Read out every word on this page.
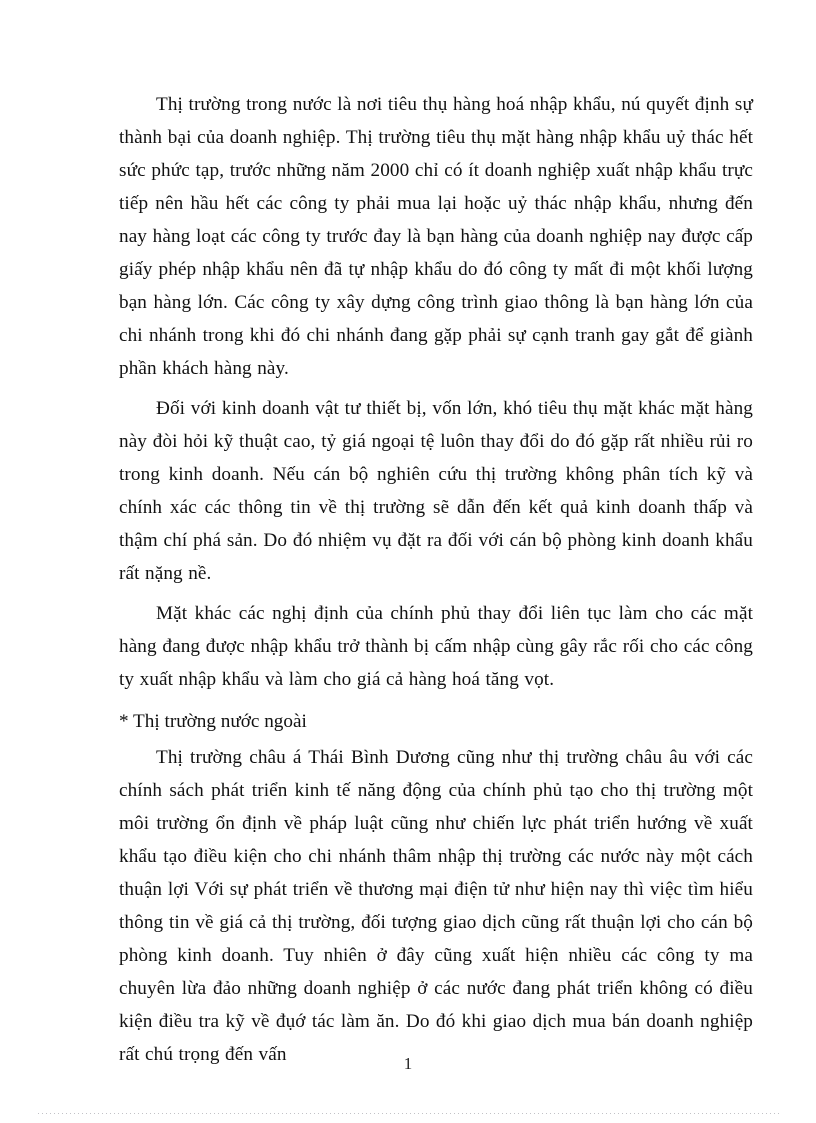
Thị trường trong nước là nơi tiêu thụ hàng hoá nhập khẩu, nú quyết định sự thành bại của doanh nghiệp. Thị trường tiêu thụ mặt hàng nhập khẩu uỷ thác hết sức phức tạp, trước những năm 2000 chỉ có ít doanh nghiệp xuất nhập khẩu trực tiếp nên hầu hết các công ty phải mua lại hoặc uỷ thác nhập khẩu, nhưng đến nay hàng loạt các công ty trước đay là bạn hàng của doanh nghiệp nay được cấp giấy phép nhập khẩu nên đã tự nhập khẩu do đó công ty mất đi một khối lượng bạn hàng lớn. Các công ty xây dựng công trình giao thông là bạn hàng lớn của chi nhánh trong khi đó chi nhánh đang gặp phải sự cạnh tranh gay gắt để giành phần khách hàng này.

Đối với kinh doanh vật tư thiết bị, vốn lớn, khó tiêu thụ mặt khác mặt hàng này đòi hỏi kỹ thuật cao, tỷ giá ngoại tệ luôn thay đổi do đó gặp rất nhiều rủi ro trong kinh doanh. Nếu cán bộ nghiên cứu thị trường không phân tích kỹ và chính xác các thông tin về thị trường sẽ dẫn đến kết quả kinh doanh thấp và thậm chí phá sản. Do đó nhiệm vụ đặt ra đối với cán bộ phòng kinh doanh khẩu rất nặng nề.

Mặt khác các nghị định của chính phủ thay đổi liên tục làm cho các mặt hàng đang được nhập khẩu trở thành bị cấm nhập cùng gây rắc rối cho các công ty xuất nhập khẩu và làm cho giá cả hàng hoá tăng vọt.

* Thị trường nước ngoài

Thị trường châu á Thái Bình Dương cũng như thị trường châu âu với các chính sách phát triển kinh tế năng động của chính phủ tạo cho thị trường một môi trường ổn định về pháp luật cũng như chiến lực phát triển hướng về xuất khẩu tạo điều kiện cho chi nhánh thâm nhập thị trường các nước này một cách thuận lợi Với sự phát triển về thương mại điện tử như hiện nay thì việc tìm hiểu thông tin về giá cả thị trường, đối tượng giao dịch cũng rất thuận lợi cho cán bộ phòng kinh doanh. Tuy nhiên ở đây cũng xuất hiện nhiều các công ty ma chuyên lừa đảo những doanh nghiệp ở các nước đang phát triển không có điều kiện điều tra kỹ về đụớ tác làm ăn. Do đó khi giao dịch mua bán doanh nghiệp rất chú trọng đến vấn	1
